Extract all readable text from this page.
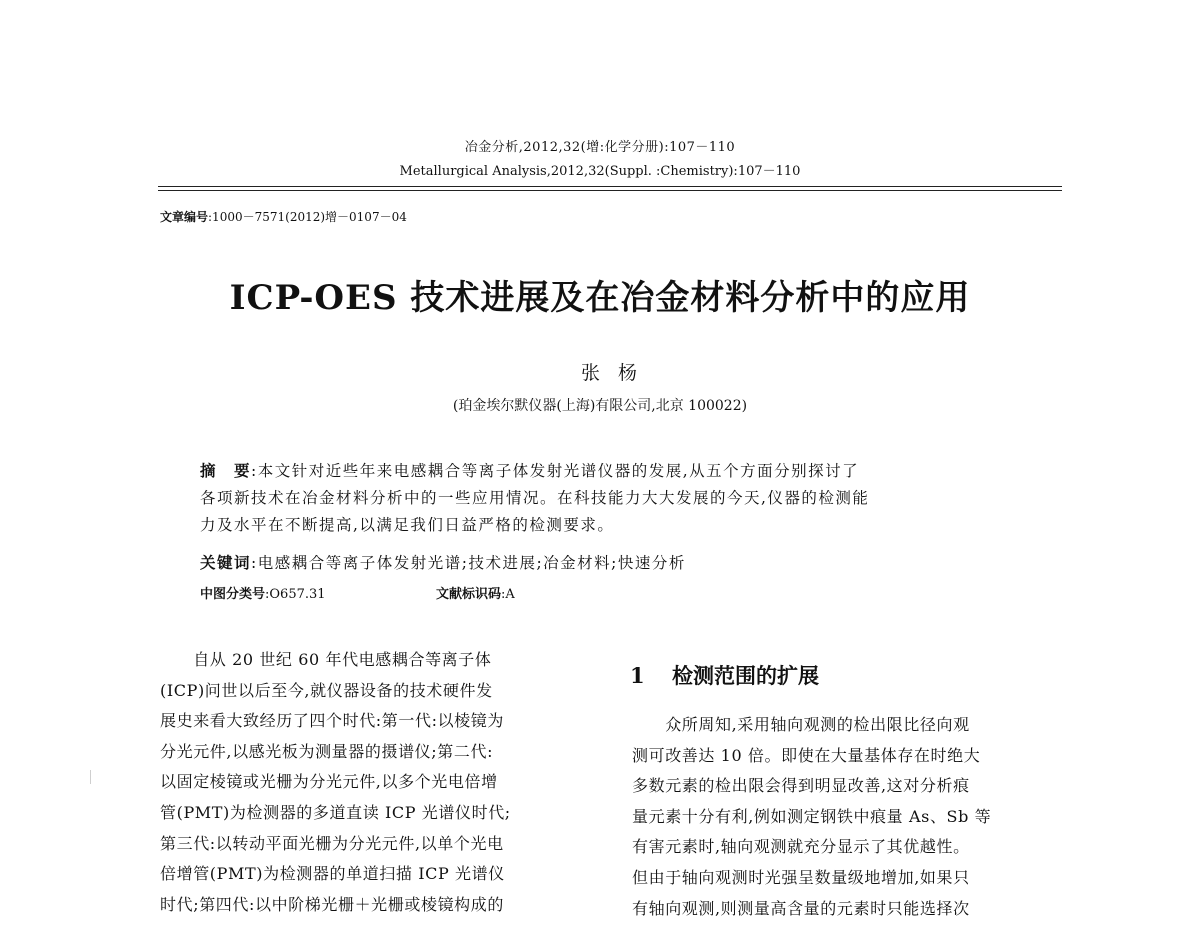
冶金分析,2012,32(增:化学分册):107－110
Metallurgical Analysis,2012,32(Suppl. :Chemistry):107－110
文章编号:1000－7571(2012)增－0107－04
ICP-OES 技术进展及在冶金材料分析中的应用
张杨
(珀金埃尔默仪器(上海)有限公司,北京 100022)
摘　要:本文针对近些年来电感耦合等离子体发射光谱仪器的发展,从五个方面分别探讨了
各项新技术在冶金材料分析中的一些应用情况。在科技能力大大发展的今天,仪器的检测能
力及水平在不断提高,以满足我们日益严格的检测要求。
关键词:电感耦合等离子体发射光谱;技术进展;冶金材料;快速分析
中图分类号:O657.31	文献标识码:A
　　自从 20 世纪 60 年代电感耦合等离子体
(ICP)问世以后至今,就仪器设备的技术硬件发
展史来看大致经历了四个时代:第一代:以棱镜为
分光元件,以感光板为测量器的摄谱仪;第二代:
以固定棱镜或光栅为分光元件,以多个光电倍增
管(PMT)为检测器的多道直读 ICP 光谱仪时代;
第三代:以转动平面光栅为分光元件,以单个光电
倍增管(PMT)为检测器的单道扫描 ICP 光谱仪
时代;第四代:以中阶梯光栅＋光栅或棱镜构成的
1 检测范围的扩展
　　众所周知,采用轴向观测的检出限比径向观
测可改善达 10 倍。即使在大量基体存在时绝大
多数元素的检出限会得到明显改善,这对分析痕
量元素十分有利,例如测定钢铁中痕量 As、Sb 等
有害元素时,轴向观测就充分显示了其优越性。
但由于轴向观测时光强呈数量级地增加,如果只
有轴向观测,则测量高含量的元素时只能选择次
